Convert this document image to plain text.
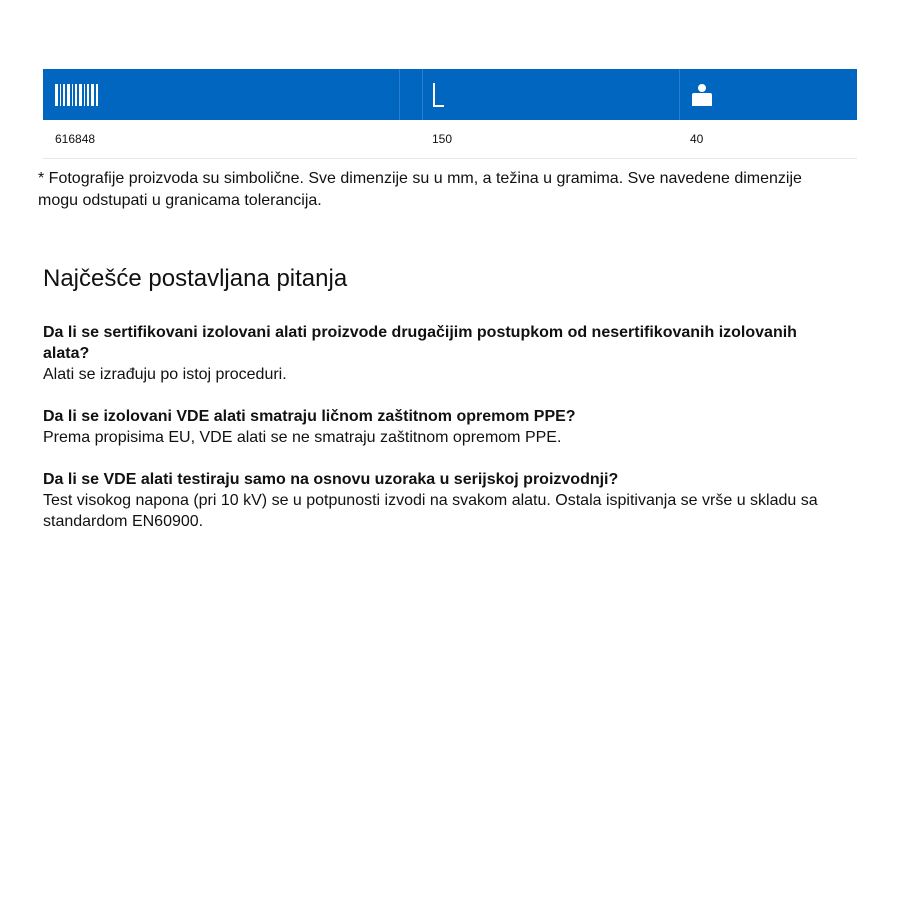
616848	150	40
* Fotografije proizvoda su simbolične. Sve dimenzije su u mm, a težina u gramima. Sve navedene dimenzije mogu odstupati u granicama tolerancija.
Najčešće postavljana pitanja
Da li se sertifikovani izolovani alati proizvode drugačijim postupkom od nesertifikovanih izolovanih alata?
Alati se izrađuju po istoj proceduri.
Da li se izolovani VDE alati smatraju ličnom zaštitnom opremom PPE?
Prema propisima EU, VDE alati se ne smatraju zaštitnom opremom PPE.
Da li se VDE alati testiraju samo na osnovu uzoraka u serijskoj proizvodnji?
Test visokog napona (pri 10 kV) se u potpunosti izvodi na svakom alatu. Ostala ispitivanja se vrše u skladu sa standardom EN60900.
